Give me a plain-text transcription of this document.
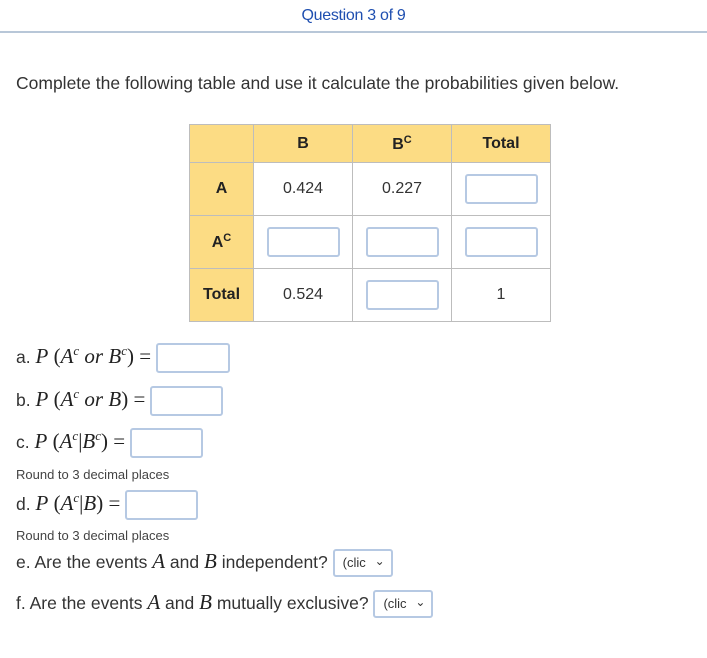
Question 3 of 9
Complete the following table and use it calculate the probabilities given below.
	B	$B^C$	Total
A	0.424	0.227	
$A^C$			
Total	0.524		1
a. P ($A^c$ or $B^c$) =
b. P ($A^c$ or B) =
c. P $(A^c|B^c)$ =
Round to 3 decimal places
d. P $(A^c|B)$ =
Round to 3 decimal places
e. Are the events A and B independent? (clic ⌄
f. Are the events A and B mutually exclusive? (clic ⌄
